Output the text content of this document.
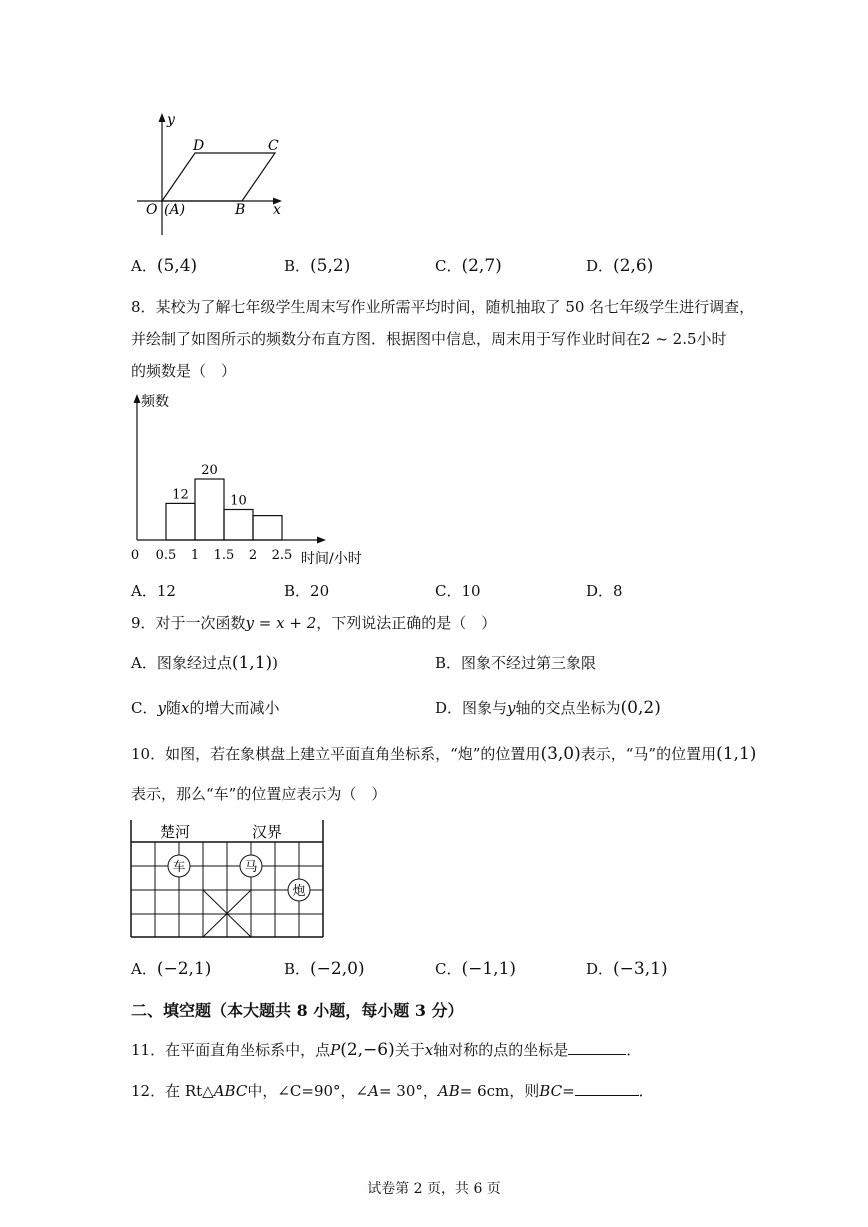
y
x
D	C
O (A)	B
A．(5,4)	B．(5,2)	C．(2,7)	D．(2,6)
8．某校为了解七年级学生周末写作业所需平均时间，随机抽取了 50 名七年级学生进行调查，
并绘制了如图所示的频数分布直方图．根据图中信息，周末用于写作业时间在2 ~ 2.5小时
的频数是（　）
频数
12
20
10
0 0.5 1 1.5 2 2.5 时间/小时
A．12	B．20	C．10	D．8
9．对于一次函数y = x + 2，下列说法正确的是（　）
A．图象经过点(1,1))	B．图象不经过第三象限
C．y随x的增大而减小	D．图象与y轴的交点坐标为(0,2)
10．如图，若在象棋盘上建立平面直角坐标系，“炮”的位置用(3,0)表示，“马”的位置用(1,1)
表示，那么“车”的位置应表示为（　）
楚河	汉界
车	马
炮
A．(−2,1)	B．(−2,0)	C．(−1,1)	D．(−3,1)
二、填空题（本大题共 8 小题，每小题 3 分）
11．在平面直角坐标系中，点P(2,−6)关于x轴对称的点的坐标是	．
12．在 Rt△ABC中，∠C=90°，∠A= 30°，AB= 6cm，则BC=	．
试卷第 2 页，共 6 页
